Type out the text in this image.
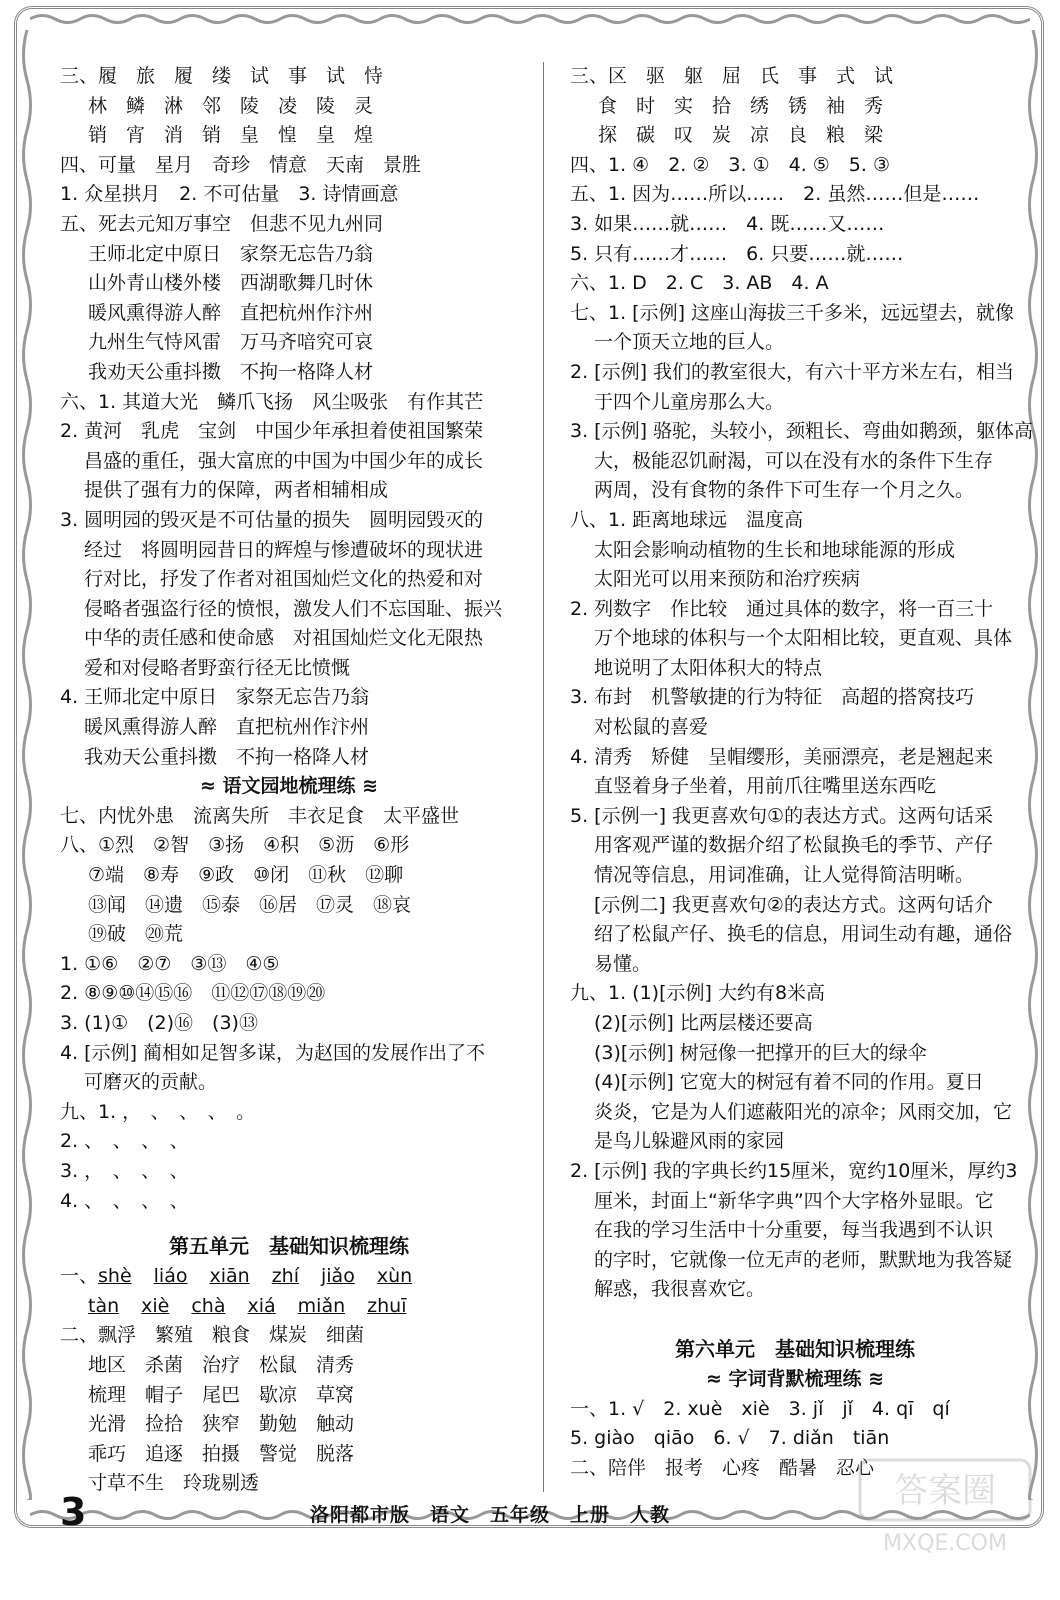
三、履　旅　履　缕　试　事　试　恃
林　鳞　淋　邻　陵　凌　陵　灵
销　宵　消　销　皇　惶　皇　煌
四、可量　星月　奇珍　情意　天南　景胜
1. 众星拱月　2. 不可估量　3. 诗情画意
五、死去元知万事空　但悲不见九州同
王师北定中原日　家祭无忘告乃翁
山外青山楼外楼　西湖歌舞几时休
暖风熏得游人醉　直把杭州作汴州
九州生气恃风雷　万马齐喑究可哀
我劝天公重抖擞　不拘一格降人材
六、1. 其道大光　鳞爪飞扬　风尘吸张　有作其芒
2. 黄河　乳虎　宝剑　中国少年承担着使祖国繁荣
昌盛的重任，强大富庶的中国为中国少年的成长
提供了强有力的保障，两者相辅相成
3. 圆明园的毁灭是不可估量的损失　圆明园毁灭的
经过　将圆明园昔日的辉煌与惨遭破坏的现状进
行对比，抒发了作者对祖国灿烂文化的热爱和对
侵略者强盗行径的愤恨，激发人们不忘国耻、振兴
中华的责任感和使命感　对祖国灿烂文化无限热
爱和对侵略者野蛮行径无比愤慨
4. 王师北定中原日　家祭无忘告乃翁
暖风熏得游人醉　直把杭州作汴州
我劝天公重抖擞　不拘一格降人材
≈ 语文园地梳理练 ≋
七、内忧外患　流离失所　丰衣足食　太平盛世
八、①烈　②智　③扬　④积　⑤沥　⑥形
⑦端　⑧寿　⑨政　⑩闭　⑪秋　⑫聊
⑬闻　⑭遗　⑮泰　⑯居　⑰灵　⑱哀
⑲破　⑳荒
1. ①⑥　②⑦　③⑬　④⑤
2. ⑧⑨⑩⑭⑮⑯　⑪⑫⑰⑱⑲⑳
3. (1)①　(2)⑯　(3)⑬
4. [示例] 蔺相如足智多谋，为赵国的发展作出了不
可磨灭的贡献。
九、1. ，　、　、　、　。
2. 、　、　、　、
3. ，　、　、　、
4. 、　、　、　、
第五单元　基础知识梳理练
一、shè liáo xiān zhí jiǎo xùn
tàn xiè chà xiá miǎn zhuī
二、飘浮　繁殖　粮食　煤炭　细菌
地区　杀菌　治疗　松鼠　清秀
梳理　帽子　尾巴　歇凉　草窝
光滑　捡拾　狭窄　勤勉　触动
乖巧　追逐　拍摄　警觉　脱落
寸草不生　玲珑剔透
三、区　驱　躯　屈　氏　事　式　试
食　时　实　拾　绣　锈　袖　秀
探　碳　叹　炭　凉　良　粮　梁
四、1. ④　2. ②　3. ①　4. ⑤　5. ③
五、1. 因为……所以……　2. 虽然……但是……
3. 如果……就……　4. 既……又……
5. 只有……才……　6. 只要……就……
六、1. D　2. C　3. AB　4. A
七、1. [示例] 这座山海拔三千多米，远远望去，就像
一个顶天立地的巨人。
2. [示例] 我们的教室很大，有六十平方米左右，相当
于四个儿童房那么大。
3. [示例] 骆驼，头较小，颈粗长、弯曲如鹅颈，躯体高
大，极能忍饥耐渴，可以在没有水的条件下生存
两周，没有食物的条件下可生存一个月之久。
八、1. 距离地球远　温度高
太阳会影响动植物的生长和地球能源的形成
太阳光可以用来预防和治疗疾病
2. 列数字　作比较　通过具体的数字，将一百三十
万个地球的体积与一个太阳相比较，更直观、具体
地说明了太阳体积大的特点
3. 布封　机警敏捷的行为特征　高超的搭窝技巧
对松鼠的喜爱
4. 清秀　矫健　呈帽缨形，美丽漂亮，老是翘起来
直竖着身子坐着，用前爪往嘴里送东西吃
5. [示例一] 我更喜欢句①的表达方式。这两句话采
用客观严谨的数据介绍了松鼠换毛的季节、产仔
情况等信息，用词准确，让人觉得简洁明晰。
[示例二] 我更喜欢句②的表达方式。这两句话介
绍了松鼠产仔、换毛的信息，用词生动有趣，通俗
易懂。
九、1. (1)[示例] 大约有8米高
(2)[示例] 比两层楼还要高
(3)[示例] 树冠像一把撑开的巨大的绿伞
(4)[示例] 它宽大的树冠有着不同的作用。夏日
炎炎，它是为人们遮蔽阳光的凉伞；风雨交加，它
是鸟儿躲避风雨的家园
2. [示例] 我的字典长约15厘米，宽约10厘米，厚约3
厘米，封面上“新华字典”四个大字格外显眼。它
在我的学习生活中十分重要，每当我遇到不认识
的字时，它就像一位无声的老师，默默地为我答疑
解惑，我很喜欢它。
第六单元　基础知识梳理练
≈ 字词背默梳理练 ≋
一、1. √　2. xuè　xiè　3. jǐ　jǐ　4. qī　qí
5. giào　qiāo　6. √　7. diǎn　tiān
二、陪伴　报考　心疼　酷暑　忍心
3	洛阳都市版　语文　五年级　上册　人教
答案圈
MXQE.COM
